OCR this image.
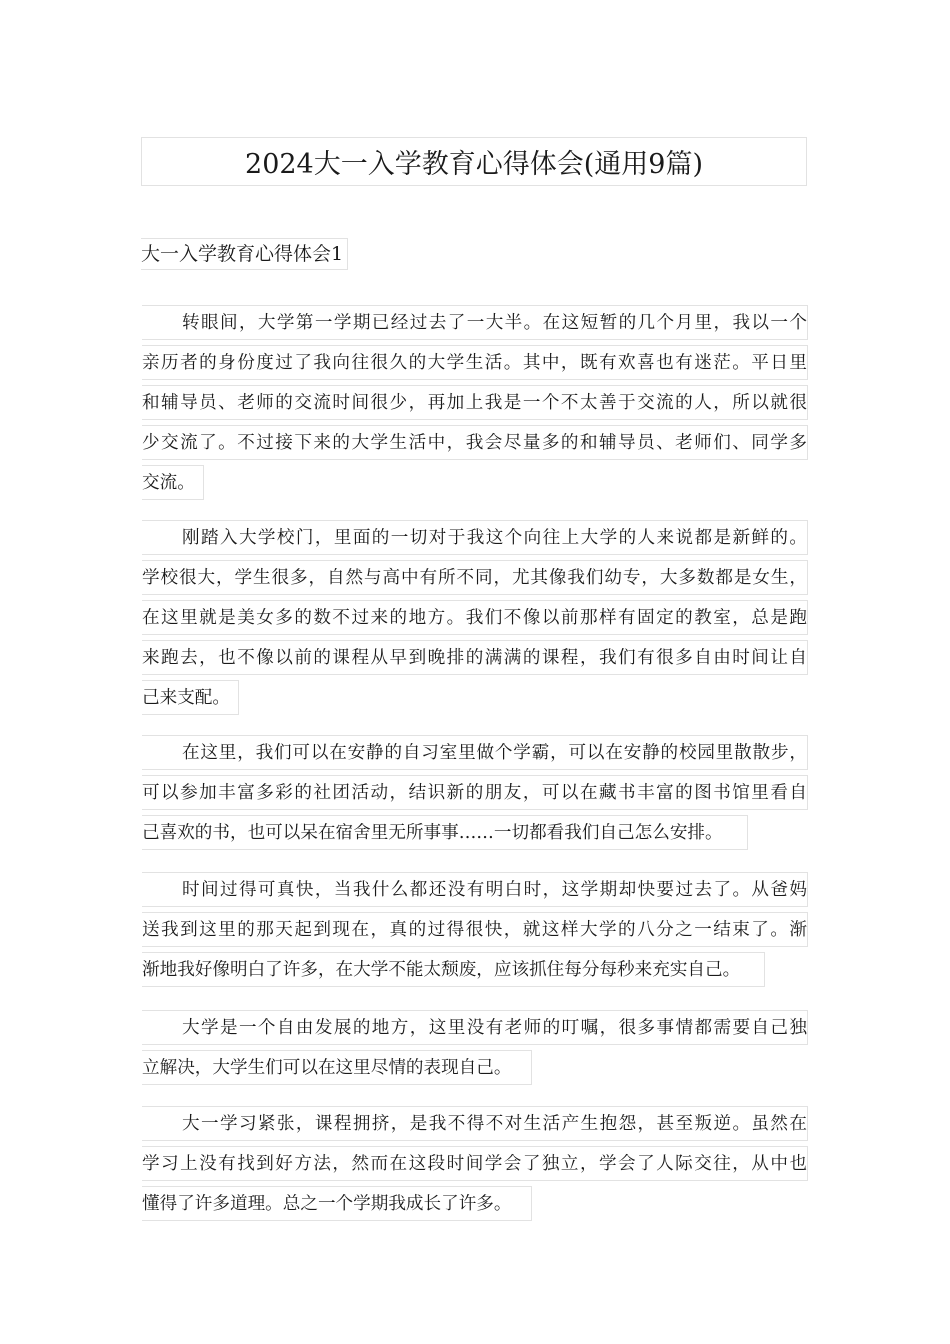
2024大一入学教育心得体会(通用9篇)
大一入学教育心得体会1
转眼间，大学第一学期已经过去了一大半。在这短暂的几个月里，我以一个
亲历者的身份度过了我向往很久的大学生活。其中，既有欢喜也有迷茫。平日里
和辅导员、老师的交流时间很少，再加上我是一个不太善于交流的人，所以就很
少交流了。不过接下来的大学生活中，我会尽量多的和辅导员、老师们、同学多
交流。
刚踏入大学校门，里面的一切对于我这个向往上大学的人来说都是新鲜的。
学校很大，学生很多，自然与高中有所不同，尤其像我们幼专，大多数都是女生，
在这里就是美女多的数不过来的地方。我们不像以前那样有固定的教室，总是跑
来跑去，也不像以前的课程从早到晚排的满满的课程，我们有很多自由时间让自
己来支配。
在这里，我们可以在安静的自习室里做个学霸，可以在安静的校园里散散步，
可以参加丰富多彩的社团活动，结识新的朋友，可以在藏书丰富的图书馆里看自
己喜欢的书，也可以呆在宿舍里无所事事……一切都看我们自己怎么安排。
时间过得可真快，当我什么都还没有明白时，这学期却快要过去了。从爸妈
送我到这里的那天起到现在，真的过得很快，就这样大学的八分之一结束了。渐
渐地我好像明白了许多，在大学不能太颓废，应该抓住每分每秒来充实自己。
大学是一个自由发展的地方，这里没有老师的叮嘱，很多事情都需要自己独
立解决，大学生们可以在这里尽情的表现自己。
大一学习紧张，课程拥挤，是我不得不对生活产生抱怨，甚至叛逆。虽然在
学习上没有找到好方法，然而在这段时间学会了独立，学会了人际交往，从中也
懂得了许多道理。总之一个学期我成长了许多。
